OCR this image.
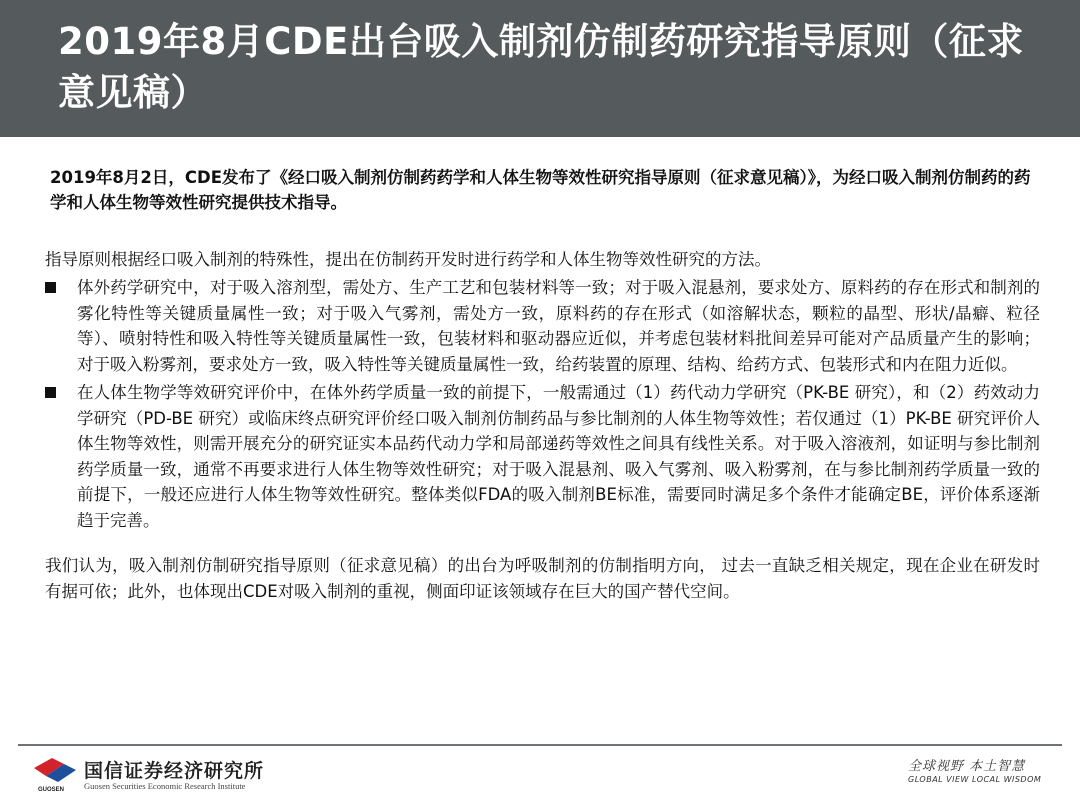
2019年8月CDE出台吸入制剂仿制药研究指导原则（征求意见稿）

2019年8月2日，CDE发布了《经口吸入制剂仿制药药学和人体生物等效性研究指导原则（征求意见稿）》，为经口吸入制剂仿制药的药学和人体生物等效性研究提供技术指导。

指导原则根据经口吸入制剂的特殊性，提出在仿制药开发时进行药学和人体生物等效性研究的方法。

体外药学研究中，对于吸入溶剂型，需处方、生产工艺和包装材料等一致；对于吸入混悬剂，要求处方、原料药的存在形式和制剂的雾化特性等关键质量属性一致；对于吸入气雾剂，需处方一致，原料药的存在形式（如溶解状态，颗粒的晶型、形状/晶癖、粒径等）、喷射特性和吸入特性等关键质量属性一致，包装材料和驱动器应近似，并考虑包装材料批间差异可能对产品质量产生的影响；对于吸入粉雾剂，要求处方一致，吸入特性等关键质量属性一致，给药装置的原理、结构、给药方式、包装形式和内在阻力近似。
在人体生物学等效研究评价中，在体外药学质量一致的前提下，一般需通过（1）药代动力学研究（PK-BE 研究），和（2）药效动力学研究（PD-BE 研究）或临床终点研究评价经口吸入制剂仿制药品与参比制剂的人体生物等效性；若仅通过（1）PK-BE 研究评价人体生物等效性，则需开展充分的研究证实本品药代动力学和局部递药等效性之间具有线性关系。对于吸入溶液剂，如证明与参比制剂药学质量一致，通常不再要求进行人体生物等效性研究；对于吸入混悬剂、吸入气雾剂、吸入粉雾剂，在与参比制剂药学质量一致的前提下，一般还应进行人体生物等效性研究。整体类似FDA的吸入制剂BE标准，需要同时满足多个条件才能确定BE，评价体系逐渐趋于完善。

我们认为，吸入制剂仿制研究指导原则（征求意见稿）的出台为呼吸制剂的仿制指明方向， 过去一直缺乏相关规定，现在企业在研发时有据可依；此外，也体现出CDE对吸入制剂的重视，侧面印证该领域存在巨大的国产替代空间。

GUOSEN
国信证券经济研究所
Guosen Securities Economic Research Institute
全球视野 本土智慧
GLOBAL VIEW LOCAL WISDOM
